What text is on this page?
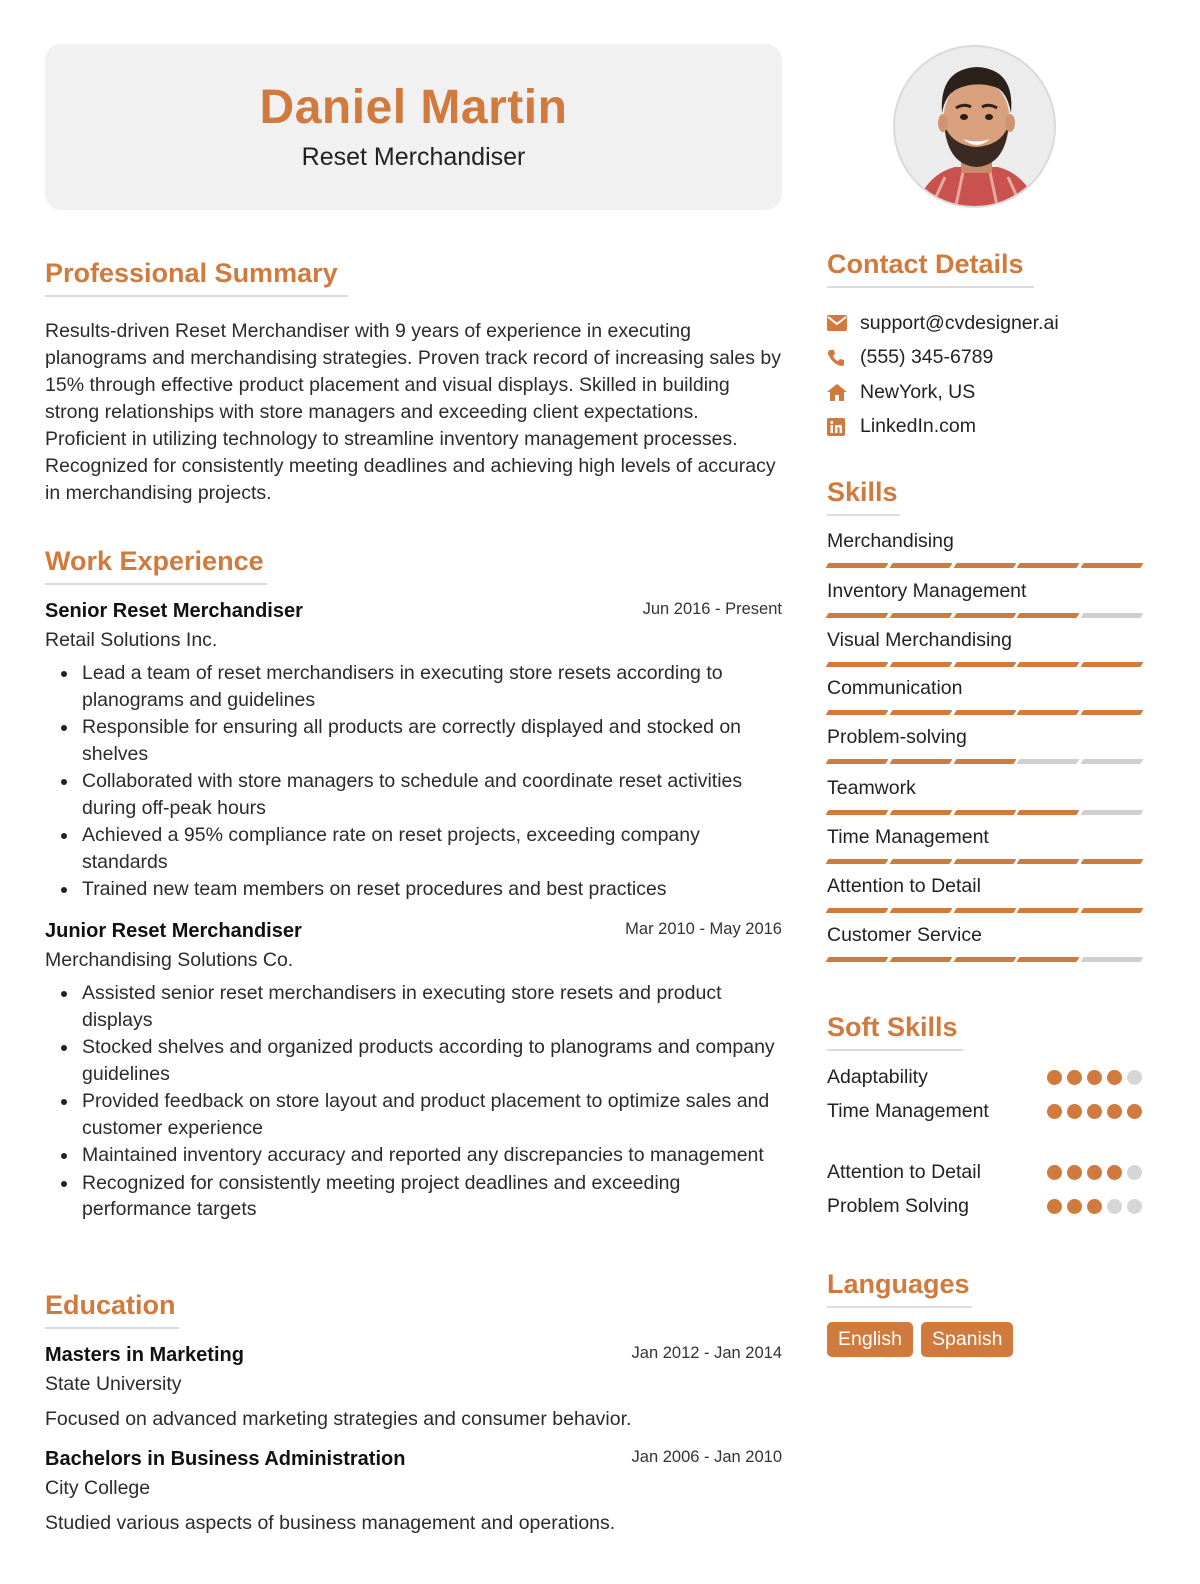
Daniel Martin
Reset Merchandiser
Professional Summary

Results-driven Reset Merchandiser with 9 years of experience in executing planograms and merchandising strategies. Proven track record of increasing sales by 15% through effective product placement and visual displays. Skilled in building strong relationships with store managers and exceeding client expectations. Proficient in utilizing technology to streamline inventory management processes. Recognized for consistently meeting deadlines and achieving high levels of accuracy in merchandising projects.

Work Experience
Senior Reset Merchandiser	Jun 2016 - Present
Retail Solutions Inc.
Lead a team of reset merchandisers in executing store resets according to planograms and guidelines
Responsible for ensuring all products are correctly displayed and stocked on shelves
Collaborated with store managers to schedule and coordinate reset activities during off-peak hours
Achieved a 95% compliance rate on reset projects, exceeding company standards
Trained new team members on reset procedures and best practices
Junior Reset Merchandiser	Mar 2010 - May 2016
Merchandising Solutions Co.
Assisted senior reset merchandisers in executing store resets and product displays
Stocked shelves and organized products according to planograms and company guidelines
Provided feedback on store layout and product placement to optimize sales and customer experience
Maintained inventory accuracy and reported any discrepancies to management
Recognized for consistently meeting project deadlines and exceeding performance targets
Education
Masters in Marketing	Jan 2012 - Jan 2014
State University
Focused on advanced marketing strategies and consumer behavior.
Bachelors in Business Administration	Jan 2006 - Jan 2010
City College
Studied various aspects of business management and operations.
Contact Details
support@cvdesigner.ai
(555) 345-6789
NewYork, US
LinkedIn.com
Skills
Merchandising
Inventory Management
Visual Merchandising
Communication
Problem-solving
Teamwork
Time Management
Attention to Detail
Customer Service
Soft Skills
Adaptability
Time Management
Attention to Detail
Problem Solving
Languages
English	Spanish
